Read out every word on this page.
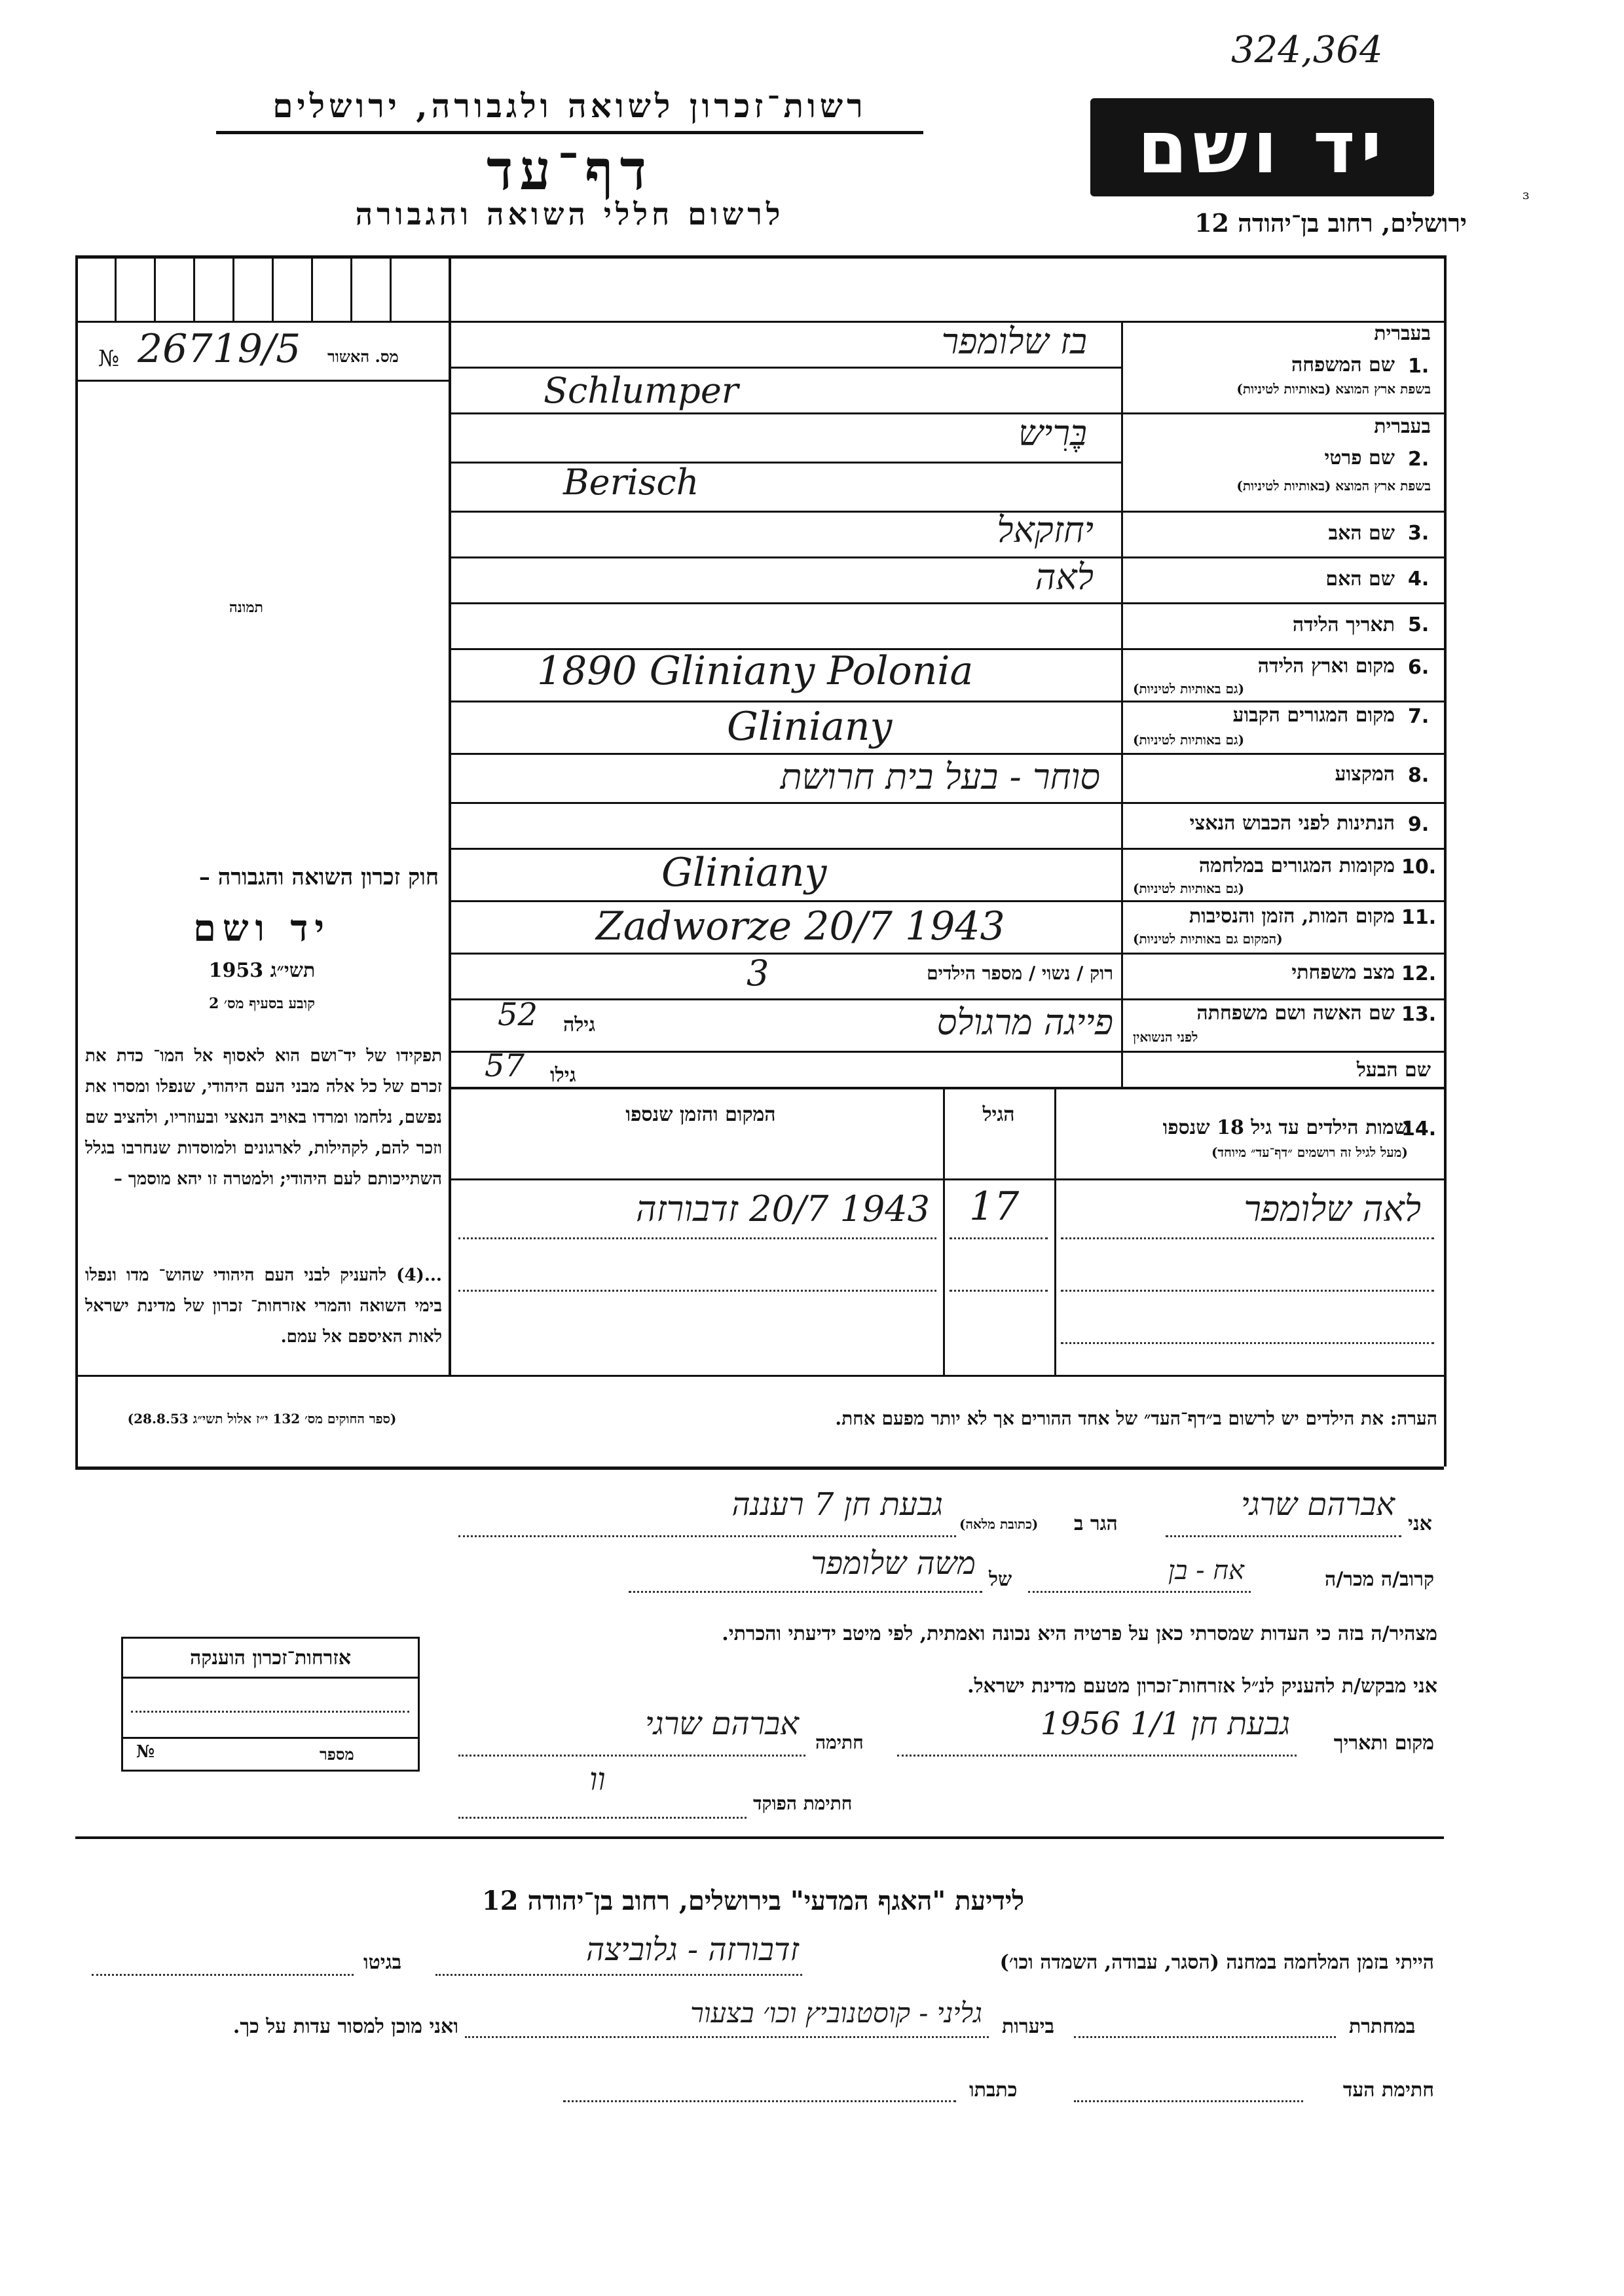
324,364
רשות־זכרון לשואה ולגבורה, ירושלים
דף־עד
לרשום חללי השואה והגבורה
יד ושם
ירושלים, רחוב בן־יהודה 12
ɜ
№ 26719/5 מס. האשור
תמונה
חוק זכרון השואה והגבורה –
יד ושם
תשי״ג 1953
קובע בסעיף מס׳ 2
תפקידו של יד־ושם הוא לאסוף אל המו־ כדת את זכרם של כל אלה מבני העם היהודי, שנפלו ומסרו את נפשם, נלחמו ומרדו באויב הנאצי ובעוזריו, ולהציב שם וזכר להם, לקהילות, לארגונים ולמוסדות שנחרבו בגלל השתייכותם לעם היהודי; ולמטרה זו יהא מוסמך –
...(4) להעניק לבני העם היהודי שהוש־ מדו ונפלו בימי השואה והמרי אזרחות־ זכרון של מדינת ישראל לאות האיספם אל עמם.
(ספר החוקים מס׳ 132 י״ז אלול תשי״ג 28.8.53)
בעברית
שם המשפחה 1.
בשפת ארץ המוצא (באותיות לטיניות)
בעברית
שם פרטי 2.
בשפת ארץ המוצא (באותיות לטיניות)
שם האב 3.
שם האם 4.
תאריך הלידה 5.
מקום וארץ הלידה 6.
(גם באותיות לטיניות)
מקום המגורים הקבוע 7.
(גם באותיות לטיניות)
המקצוע 8.
הנתינות לפני הכבוש הנאצי 9.
מקומות המגורים במלחמה 10.
(גם באותיות לטיניות)
מקום המות, הזמן והנסיבות 11.
(המקום גם באותיות לטיניות)
מצב משפחתי 12.
רוק / נשוי / מספר הילדים
שם האשה ושם משפחתה 13.
לפני הנשואין
שם הבעל
בז שלומפר
Schlumper
בֶּרִיש
Berisch
יחזקאל
לאה
1890 Gliniany Polonia
Gliniany
סוחר - בעל בית חרושת
Gliniany
Zadworze 20/7 1943
3
פייגה מרגולס
גילה
52
גילו
57
שמות הילדים עד גיל 18 שנספו
14.
(מעל לגיל זה רושמים ״דף־עד״ מיוחד)
הגיל
המקום והזמן שנספו
לאה שלומפר
17
1943 20/7 זדבורזה
הערה: את הילדים יש לרשום ב״דף־העד״ של אחד ההורים אך לא יותר מפעם אחת.
אני
אברהם שרגי
הגר ב
(כתובת מלאה)
גבעת חן 7 רעננה
קרוב/ה מכר/ה
אח - בן
של
משה שלומפר
מצהיר/ה בזה כי העדות שמסרתי כאן על פרטיה היא נכונה ואמתית, לפי מיטב ידיעתי והכרתי.
אני מבקש/ת להעניק לנ״ל אזרחות־זכרון מטעם מדינת ישראל.
מקום ותאריך
גבעת חן 1/1 1956
חתימה
אברהם שרגי
חתימת הפוקד
וו
אזרחות־זכרון הוענקה
№	מספר
לידיעת "האגף המדעי" בירושלים, רחוב בן־יהודה 12
הייתי בזמן המלחמה במחנה (הסגר, עבודה, השמדה וכו׳)
זדבורזה - גלוביצה
בגיטו
במחתרת
ביערות
גליני - קוסטנוביץ וכו׳ בצעור
ואני מוכן למסור עדות על כך.
חתימת העד
כתבתו
